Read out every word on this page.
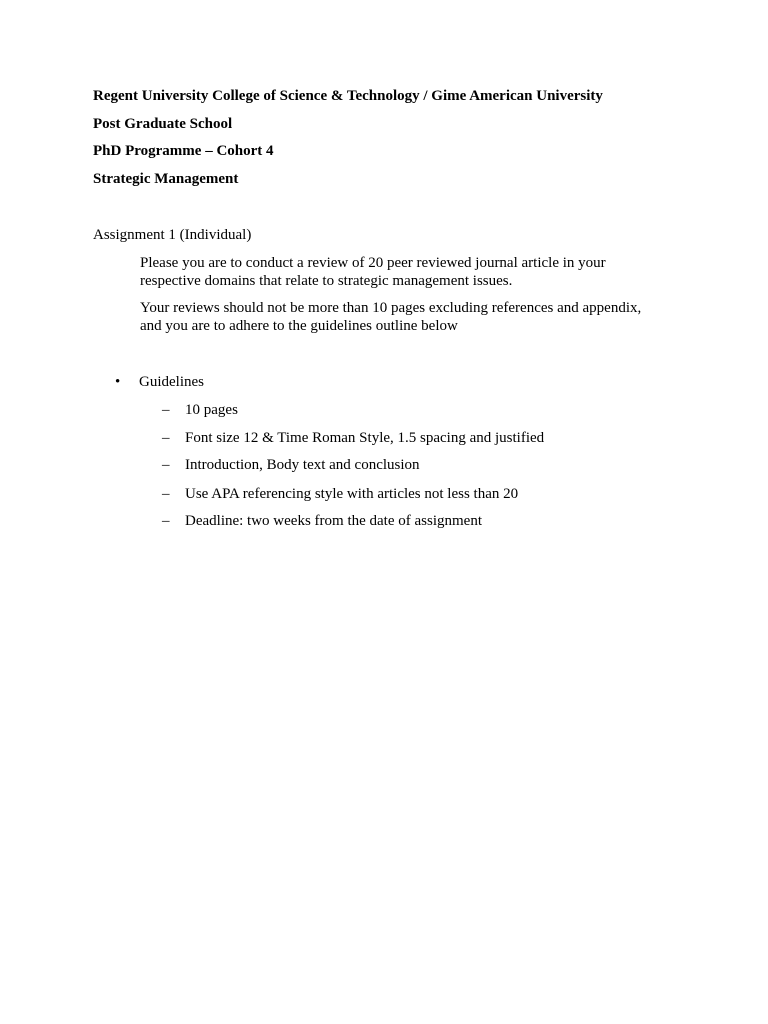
Regent University College of Science & Technology / Gime American University
Post Graduate School
PhD Programme – Cohort 4
Strategic Management
Assignment 1 (Individual)
Please you are to conduct a review of 20 peer reviewed journal article in your
respective domains that relate to strategic management issues.
Your reviews should not be more than 10 pages excluding references and appendix,
and you are to adhere to the guidelines outline below
• Guidelines
– 10 pages
– Font size 12 & Time Roman Style, 1.5 spacing and justified
– Introduction, Body text and conclusion
– Use APA referencing style with articles not less than 20
– Deadline: two weeks from the date of assignment
